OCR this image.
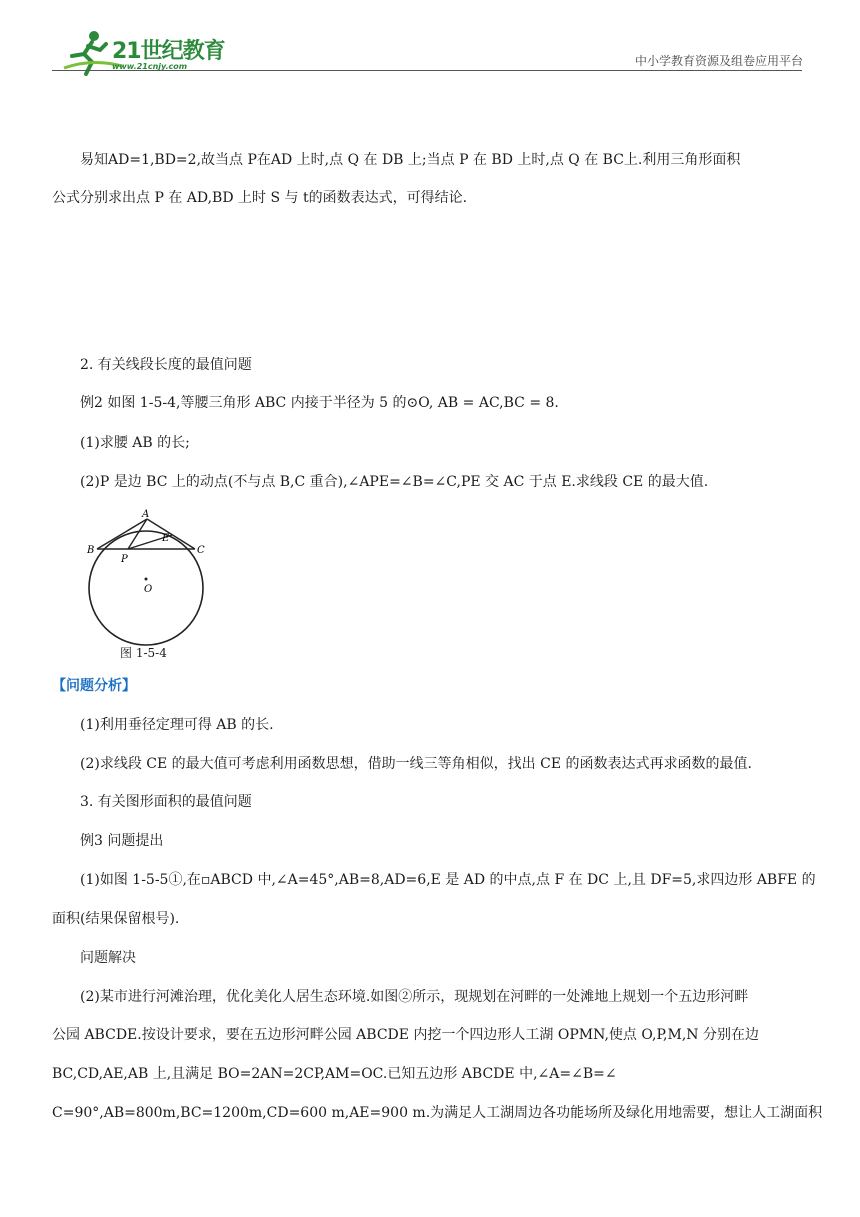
21世纪教育
www.21cnjy.com	中小学教育资源及组卷应用平台

易知AD=1,BD=2,故当点 P在AD 上时,点 Q 在 DB 上;当点 P 在 BD 上时,点 Q 在 BC上.利用三角形面积

公式分别求出点 P 在 AD,BD 上时 S 与 t的函数表达式，可得结论.

2. 有关线段长度的最值问题

例2 如图 1-5-4,等腰三角形 ABC 内接于半径为 5 的⊙O, AB = AC,BC = 8.

(1)求腰 AB 的长;

(2)P 是边 BC 上的动点(不与点 B,C 重合),∠APE=∠B=∠C,PE 交 AC 于点 E.求线段 CE 的最大值.

A
B	C
P
E
O
图 1-5-4

【问题分析】

(1)利用垂径定理可得 AB 的长.

(2)求线段 CE 的最大值可考虑利用函数思想，借助一线三等角相似，找出 CE 的函数表达式再求函数的最值.

3. 有关图形面积的最值问题

例3 问题提出

(1)如图 1-5-5①,在▫ABCD 中,∠A=45°,AB=8,AD=6,E 是 AD 的中点,点 F 在 DC 上,且 DF=5,求四边形 ABFE 的

面积(结果保留根号).

问题解决

(2)某市进行河滩治理，优化美化人居生态环境.如图②所示，现规划在河畔的一处滩地上规划一个五边形河畔

公园 ABCDE.按设计要求，要在五边形河畔公园 ABCDE 内挖一个四边形人工湖 OPMN,使点 O,P,M,N 分别在边

BC,CD,AE,AB 上,且满足 BO=2AN=2CP,AM=OC.已知五边形 ABCDE 中,∠A=∠B=∠

C=90°,AB=800m,BC=1200m,CD=600 m,AE=900 m.为满足人工湖周边各功能场所及绿化用地需要，想让人工湖面积
